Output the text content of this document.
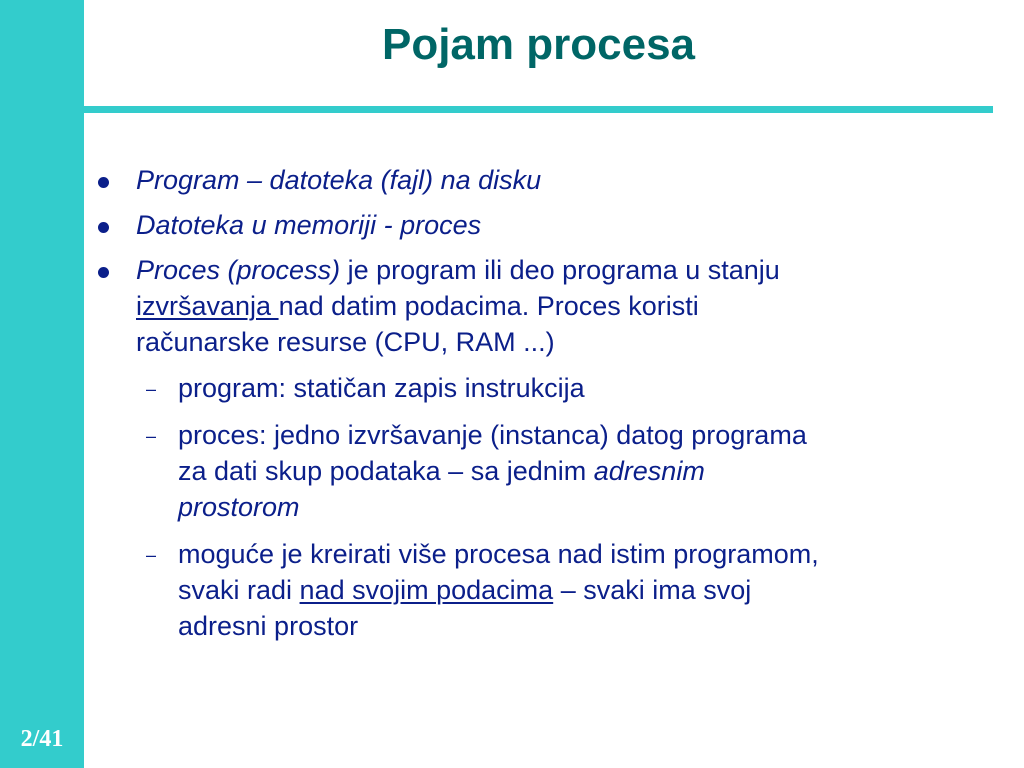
Pojam procesa
2/41

Program – datoteka (fajl) na disku

Datoteka u memoriji - proces

Proces (process) je program ili deo programa u stanju
izvršavanja nad datim podacima. Proces koristi
računarske resurse (CPU, RAM ...)

– program: statičan zapis instrukcija

– proces: jedno izvršavanje (instanca) datog programa
za dati skup podataka – sa jednim adresnim
prostorom

– moguće je kreirati više procesa nad istim programom,
svaki radi nad svojim podacima – svaki ima svoj
adresni prostor
